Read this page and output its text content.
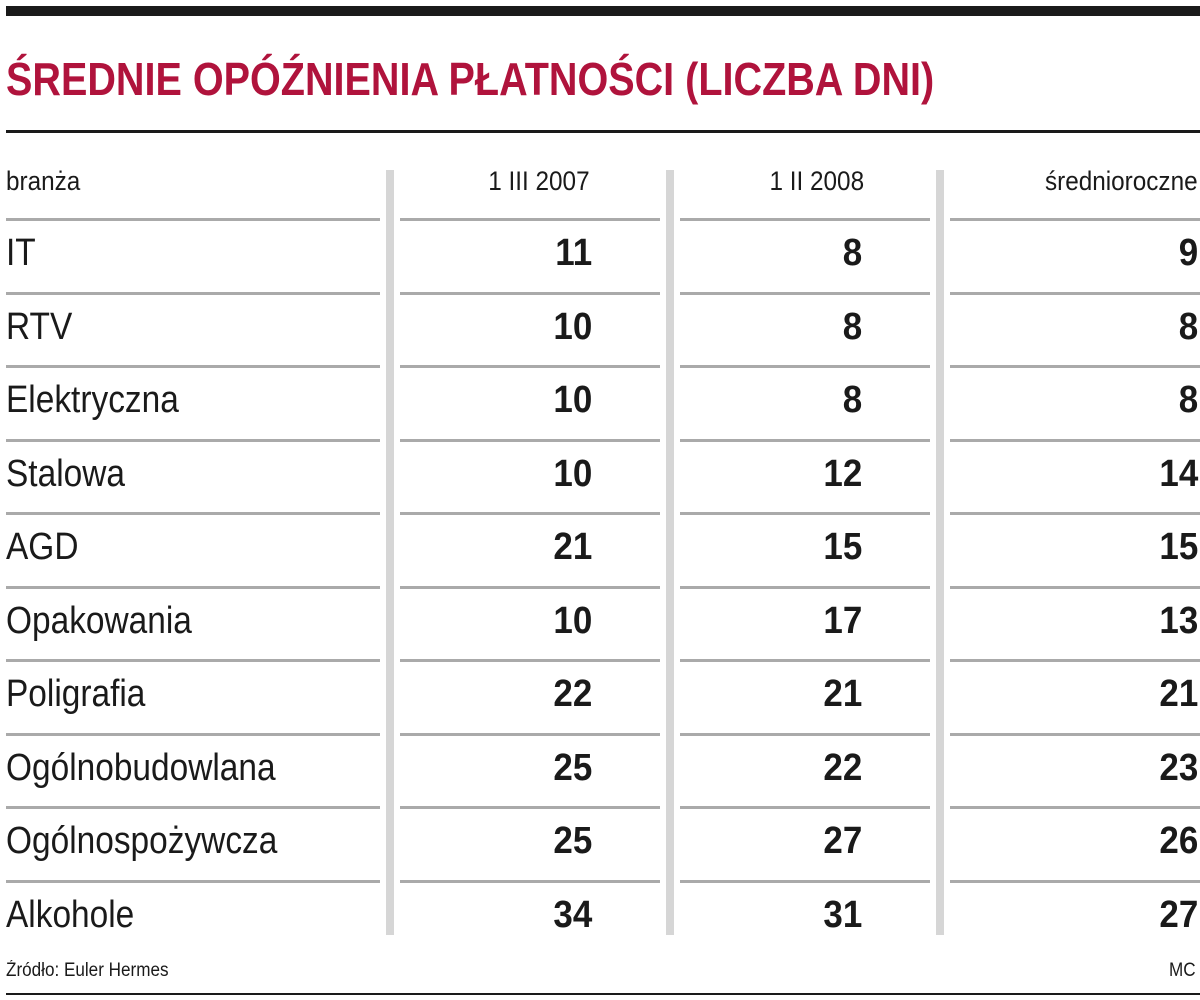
ŚREDNIE OPÓŹNIENIA PŁATNOŚCI (LICZBA DNI)
branża	1 III 2007	1 II 2008	średnioroczne
IT	11	8	9
RTV	10	8	8
Elektryczna	10	8	8
Stalowa	10	12	14
AGD	21	15	15
Opakowania	10	17	13
Poligrafia	22	21	21
Ogólnobudowlana	25	22	23
Ogólnospożywcza	25	27	26
Alkohole	34	31	27
Źródło: Euler Hermes	MC
